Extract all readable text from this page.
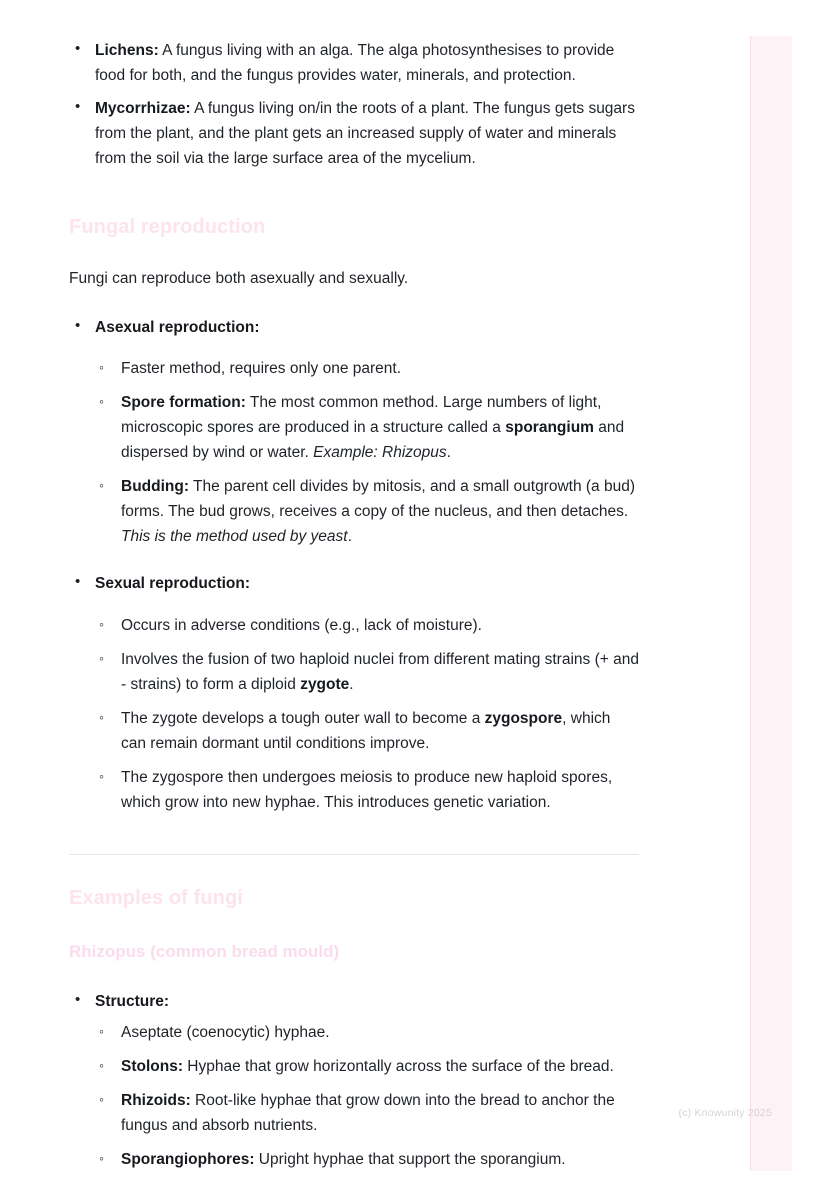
• Lichens: A fungus living with an alga. The alga photosynthesises to provide food for both, and the fungus provides water, minerals, and protection.
• Mycorrhizae: A fungus living on/in the roots of a plant. The fungus gets sugars from the plant, and the plant gets an increased supply of water and minerals from the soil via the large surface area of the mycelium.
Fungal reproduction

Fungi can reproduce both asexually and sexually.

• Asexual reproduction:
◦ Faster method, requires only one parent.
◦ Spore formation: The most common method. Large numbers of light, microscopic spores are produced in a structure called a sporangium and dispersed by wind or water. Example: Rhizopus.
◦ Budding: The parent cell divides by mitosis, and a small outgrowth (a bud) forms. The bud grows, receives a copy of the nucleus, and then detaches. This is the method used by yeast.
• Sexual reproduction:
◦ Occurs in adverse conditions (e.g., lack of moisture).
◦ Involves the fusion of two haploid nuclei from different mating strains (+ and - strains) to form a diploid zygote.
◦ The zygote develops a tough outer wall to become a zygospore, which can remain dormant until conditions improve.
◦ The zygospore then undergoes meiosis to produce new haploid spores, which grow into new hyphae. This introduces genetic variation.
Examples of fungi
Rhizopus (common bread mould)
• Structure:
◦ Aseptate (coenocytic) hyphae.
◦ Stolons: Hyphae that grow horizontally across the surface of the bread.
◦ Rhizoids: Root-like hyphae that grow down into the bread to anchor the fungus and absorb nutrients.
◦ Sporangiophores: Upright hyphae that support the sporangium.
(c) Knowunity 2025
